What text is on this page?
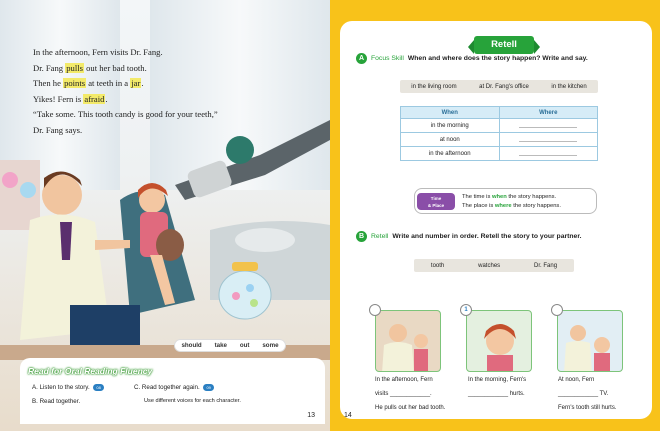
In the afternoon, Fern visits Dr. Fang.

Dr. Fang pulls out her bad tooth.

Then he points at teeth in a jar.

Yikes! Fern is afraid.

“Take some. This tooth candy is good for your teeth,”

Dr. Fang says.

should take out some
Read for Oral Reading Fluency
A. Listen to the story. 08
B. Read together.
C. Read together again. 09
Use different voices for each character.
13
Retell
A	Focus Skill When and where does the story happen? Write and say.
in the living room	at Dr. Fang's office	in the kitchen
When	Where
in the morning	
at noon	
in the afternoon	
Time
& Place
The time is when the story happens.
The place is where the story happens.
B	Retell Write and number in order. Retell the story to your partner.
tooth	watches	Dr. Fang
1
In the afternoon, Fern
visits ____________.
He pulls out her bad tooth.
In the morning, Fern's
____________ hurts.
At noon, Fern
____________ TV.
Fern's tooth still hurts.
14
